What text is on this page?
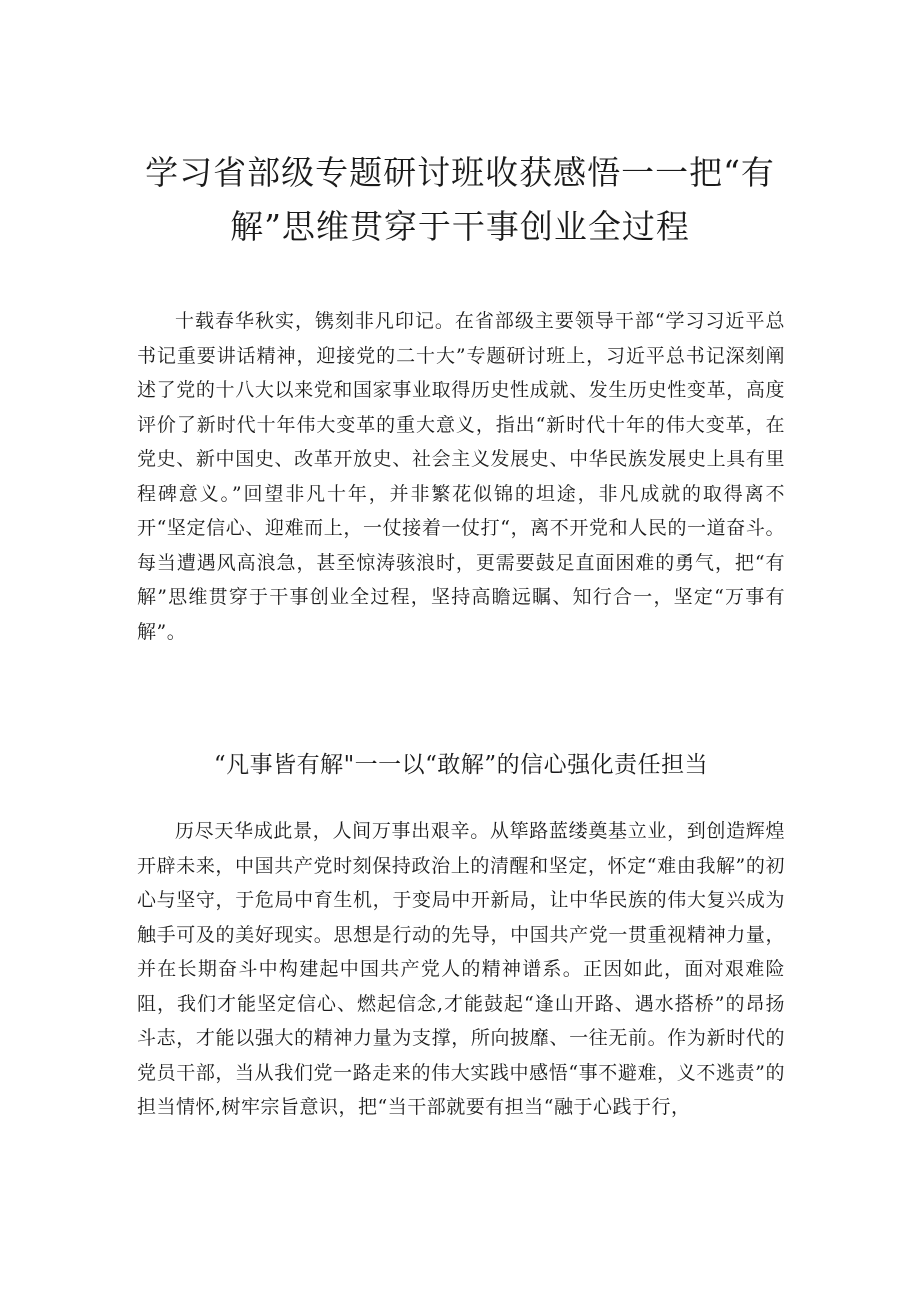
学习省部级专题研讨班收获感悟一一把“有
解”思维贯穿于干事创业全过程

十载春华秋实，镌刻非凡印记。在省部级主要领导干部“学习习近平总书记重要讲话精神，迎接党的二十大”专题研讨班上，习近平总书记深刻阐述了党的十八大以来党和国家事业取得历史性成就、发生历史性变革，高度评价了新时代十年伟大变革的重大意义，指出“新时代十年的伟大变革，在党史、新中国史、改革开放史、社会主义发展史、中华民族发展史上具有里程碑意义。”回望非凡十年，并非繁花似锦的坦途，非凡成就的取得离不开“坚定信心、迎难而上，一仗接着一仗打“，离不开党和人民的一道奋斗。每当遭遇风高浪急，甚至惊涛骇浪时，更需要鼓足直面困难的勇气，把“有解”思维贯穿于干事创业全过程，坚持高瞻远瞩、知行合一，坚定“万事有解”。

“凡事皆有解"一一以“敢解”的信心强化责任担当

历尽天华成此景，人间万事出艰辛。从筚路蓝缕奠基立业，到创造辉煌开辟未来，中国共产党时刻保持政治上的清醒和坚定，怀定“难由我解”的初心与坚守，于危局中育生机，于变局中开新局，让中华民族的伟大复兴成为触手可及的美好现实。思想是行动的先导，中国共产党一贯重视精神力量，并在长期奋斗中构建起中国共产党人的精神谱系。正因如此，面对艰难险阻，我们才能坚定信心、燃起信念,才能鼓起“逢山开路、遇水搭桥”的昂扬斗志，才能以强大的精神力量为支撑，所向披靡、一往无前。作为新时代的党员干部，当从我们党一路走来的伟大实践中感悟“事不避难，义不逃责”的担当情怀,树牢宗旨意识，把“当干部就要有担当“融于心践于行，
